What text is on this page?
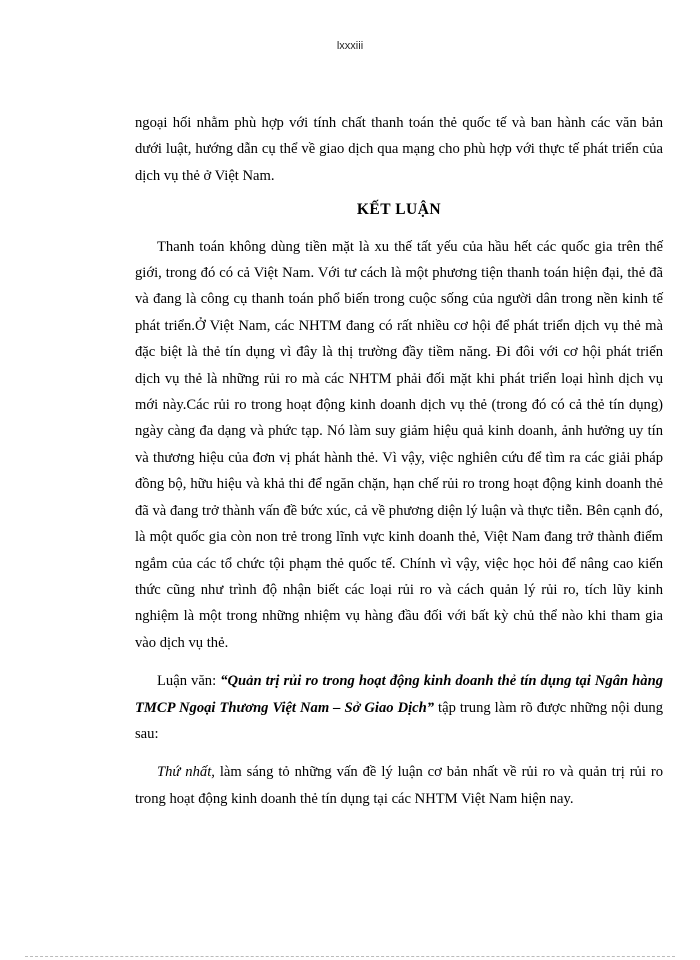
lxxxiii

ngoại hối nhằm phù hợp với tính chất thanh toán thẻ quốc tế và ban hành các văn bản dưới luật, hướng dẫn cụ thể về giao dịch qua mạng cho phù hợp với thực tế phát triển của dịch vụ thẻ ở Việt Nam.

KẾT LUẬN

Thanh toán không dùng tiền mặt là xu thế tất yếu của hầu hết các quốc gia trên thế giới, trong đó có cả Việt Nam. Với tư cách là một phương tiện thanh toán hiện đại, thẻ đã và đang là công cụ thanh toán phổ biến trong cuộc sống của người dân trong nền kinh tế phát triển.Ở Việt Nam, các NHTM đang có rất nhiều cơ hội để phát triển dịch vụ thẻ mà đặc biệt là thẻ tín dụng vì đây là thị trường đầy tiềm năng. Đi đôi với cơ hội phát triển dịch vụ thẻ là những rủi ro mà các NHTM phải đối mặt khi phát triển loại hình dịch vụ mới này.Các rủi ro trong hoạt động kinh doanh dịch vụ thẻ (trong đó có cả thẻ tín dụng) ngày càng đa dạng và phức tạp. Nó làm suy giảm hiệu quả kinh doanh, ảnh hưởng uy tín và thương hiệu của đơn vị phát hành thẻ. Vì vậy, việc nghiên cứu để tìm ra các giải pháp đồng bộ, hữu hiệu và khả thi để ngăn chặn, hạn chế rủi ro trong hoạt động kinh doanh thẻ đã và đang trở thành vấn đề bức xúc, cả về phương diện lý luận và thực tiễn. Bên cạnh đó, là một quốc gia còn non trẻ trong lĩnh vực kinh doanh thẻ, Việt Nam đang trở thành điểm ngắm của các tổ chức tội phạm thẻ quốc tế. Chính vì vậy, việc học hỏi để nâng cao kiến thức cũng như trình độ nhận biết các loại rủi ro và cách quản lý rủi ro, tích lũy kinh nghiệm là một trong những nhiệm vụ hàng đầu đối với bất kỳ chủ thể nào khi tham gia vào dịch vụ thẻ.

Luận văn: “Quản trị rủi ro trong hoạt động kinh doanh thẻ tín dụng tại Ngân hàng TMCP Ngoại Thương Việt Nam – Sở Giao Dịch” tập trung làm rõ được những nội dung sau:

Thứ nhất, làm sáng tỏ những vấn đề lý luận cơ bản nhất về rủi ro và quản trị rủi ro trong hoạt động kinh doanh thẻ tín dụng tại các NHTM Việt Nam hiện nay.
